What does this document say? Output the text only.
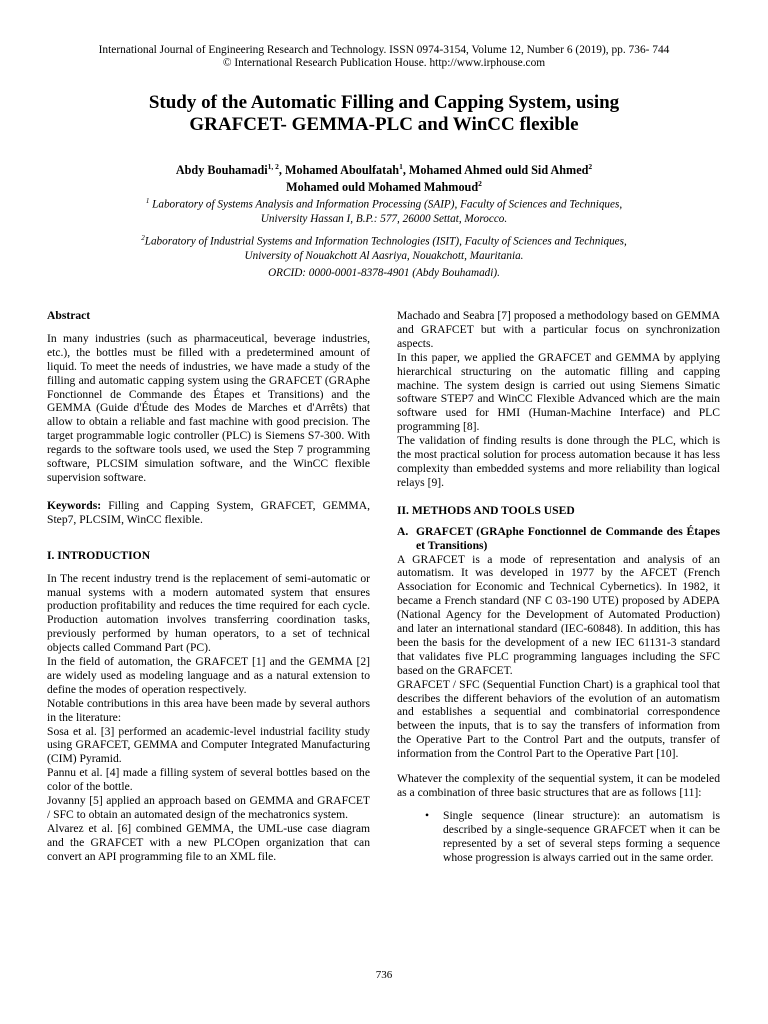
International Journal of Engineering Research and Technology. ISSN 0974-3154, Volume 12, Number 6 (2019), pp. 736- 744
© International Research Publication House. http://www.irphouse.com
Study of the Automatic Filling and Capping System, using
GRAFCET- GEMMA-PLC and WinCC flexible
Abdy Bouhamadi$^{1, 2}$, Mohamed Aboulfatah$^1$, Mohamed Ahmed ould Sid Ahmed$^2$
Mohamed ould Mohamed Mahmoud$^2$
$^1$ Laboratory of Systems Analysis and Information Processing (SAIP), Faculty of Sciences and Techniques,
University Hassan I, B.P.: 577, 26000 Settat, Morocco.
$^2$Laboratory of Industrial Systems and Information Technologies (ISIT), Faculty of Sciences and Techniques,
University of Nouakchott Al Aasriya, Nouakchott, Mauritania.
ORCID: 0000-0001-8378-4901 (Abdy Bouhamadi).

Abstract

In many industries (such as pharmaceutical, beverage industries, etc.), the bottles must be filled with a predetermined amount of liquid. To meet the needs of industries, we have made a study of the filling and automatic capping system using the GRAFCET (GRAphe Fonctionnel de Commande des Étapes et Transitions) and the GEMMA (Guide d'Étude des Modes de Marches et d'Arrêts) that allow to obtain a reliable and fast machine with good precision. The target programmable logic controller (PLC) is Siemens S7-300. With regards to the software tools used, we used the Step 7 programming software, PLCSIM simulation software, and the WinCC flexible supervision software.

Keywords: Filling and Capping System, GRAFCET, GEMMA, Step7, PLCSIM, WinCC flexible.

I. INTRODUCTION

In The recent industry trend is the replacement of semi-automatic or manual systems with a modern automated system that ensures production profitability and reduces the time required for each cycle. Production automation involves transferring coordination tasks, previously performed by human operators, to a set of technical objects called Command Part (PC).

In the field of automation, the GRAFCET [1] and the GEMMA [2] are widely used as modeling language and as a natural extension to define the modes of operation respectively.

Notable contributions in this area have been made by several authors in the literature:

Sosa et al. [3] performed an academic-level industrial facility study using GRAFCET, GEMMA and Computer Integrated Manufacturing (CIM) Pyramid.

Pannu et al. [4] made a filling system of several bottles based on the color of the bottle.

Jovanny [5] applied an approach based on GEMMA and GRAFCET / SFC to obtain an automated design of the mechatronics system.

Alvarez et al. [6] combined GEMMA, the UML-use case diagram and the GRAFCET with a new PLCOpen organization that can convert an API programming file to an XML file.

Machado and Seabra [7] proposed a methodology based on GEMMA and GRAFCET but with a particular focus on synchronization aspects.

In this paper, we applied the GRAFCET and GEMMA by applying hierarchical structuring on the automatic filling and capping machine. The system design is carried out using Siemens Simatic software STEP7 and WinCC Flexible Advanced which are the main software used for HMI (Human-Machine Interface) and PLC programming [8].

The validation of finding results is done through the PLC, which is the most practical solution for process automation because it has less complexity than embedded systems and more reliability than logical relays [9].

II. METHODS AND TOOLS USED

A. GRAFCET (GRAphe Fonctionnel de Commande des Étapes et Transitions)

A GRAFCET is a mode of representation and analysis of an automatism. It was developed in 1977 by the AFCET (French Association for Economic and Technical Cybernetics). In 1982, it became a French standard (NF C 03-190 UTE) proposed by ADEPA (National Agency for the Development of Automated Production) and later an international standard (IEC-60848). In addition, this has been the basis for the development of a new IEC 61131-3 standard that validates five PLC programming languages including the SFC based on the GRAFCET.

GRAFCET / SFC (Sequential Function Chart) is a graphical tool that describes the different behaviors of the evolution of an automatism and establishes a sequential and combinatorial correspondence between the inputs, that is to say the transfers of information from the Operative Part to the Control Part and the outputs, transfer of information from the Control Part to the Operative Part [10].

Whatever the complexity of the sequential system, it can be modeled as a combination of three basic structures that are as follows [11]:

•	Single sequence (linear structure): an automatism is described by a single-sequence GRAFCET when it can be represented by a set of several steps forming a sequence whose progression is always carried out in the same order.
736
